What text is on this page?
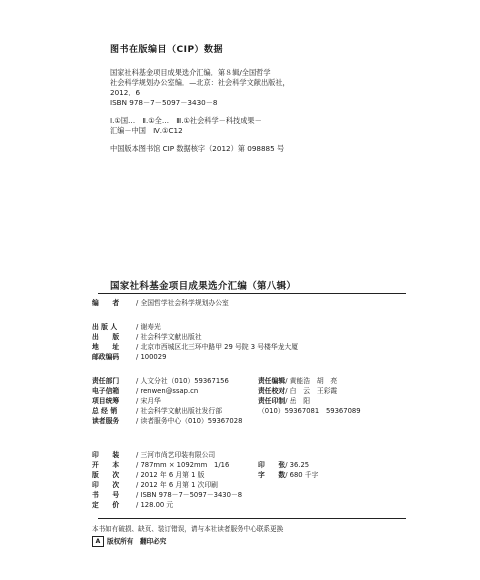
图书在版编目（CIP）数据
国家社科基金项目成果选介汇编．第８辑/全国哲学
社会科学规划办公室编．—北京：社会科学文献出版社，
2012．6
ISBN 978－7－5097－3430－8
Ⅰ.①国…　Ⅱ.①全…　Ⅲ.①社会科学－科技成果－
汇编－中国　Ⅳ.①C12
中国版本图书馆 CIP 数据核字（2012）第 098885 号
国家社科基金项目成果选介汇编（第八辑）
编　　者 / 全国哲学社会科学规划办公室
出 版 人	/ 谢寿光
出　　版 / 社会科学文献出版社
地　　址 / 北京市西城区北三环中路甲 29 号院 3 号楼华龙大厦
邮政编码 / 100029
责任部门 / 人文分社（010）59367156
电子信箱 / renwen@ssap.cn
项目统筹 / 宋月华
总 经 销	/ 社会科学文献出版社发行部
读者服务 / 读者服务中心（010）59367028
责任编辑/ 黄能浩　胡　亮
责任校对/ 白　云　王彩霞
责任印制/ 岳　阳
（010）59367081　59367089
印　　装 / 三河市尚艺印装有限公司
开　　本 / 787mm × 1092mm　1/16
版　　次 / 2012 年 6 月第 1 版
印　　次 / 2012 年 6 月第 1 次印刷
书　　号 / ISBN 978－7－5097－3430－8
定　　价 / 128.00 元
印　　张/ 36.25
字　　数/ 680 千字
本书如有破损、缺页、装订错误，请与本社读者服务中心联系更换
A 版权所有　翻印必究
